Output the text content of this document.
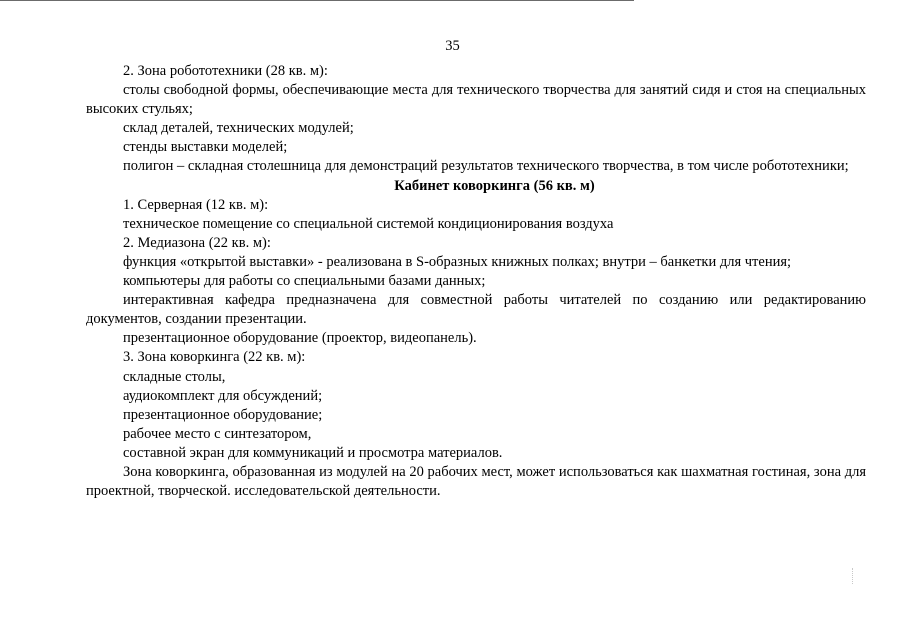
35

2. Зона робототехники (28 кв. м):

столы свободной формы, обеспечивающие места для технического творчества для занятий сидя и стоя на специальных высоких стульях;

склад деталей, технических модулей;

стенды выставки моделей;

полигон – складная столешница для демонстраций результатов технического творчества, в том числе робототехники;

Кабинет коворкинга (56 кв. м)

1. Серверная (12 кв. м):

техническое помещение со специальной системой кондиционирования воздуха

2. Медиазона (22 кв. м):

функция «открытой выставки» - реализована в S-образных книжных полках; внутри – банкетки для чтения;

компьютеры для работы со специальными базами данных;

интерактивная кафедра предназначена для совместной работы читателей по созданию или редактированию документов, создании презентации.

презентационное оборудование (проектор, видеопанель).

3. Зона коворкинга (22 кв. м):

складные столы,

аудиокомплект для обсуждений;

презентационное оборудование;

рабочее место с синтезатором,

составной экран для коммуникаций и просмотра материалов.

Зона коворкинга, образованная из модулей на 20 рабочих мест, может использоваться как шахматная гостиная, зона для проектной, творческой. исследовательской деятельности.
